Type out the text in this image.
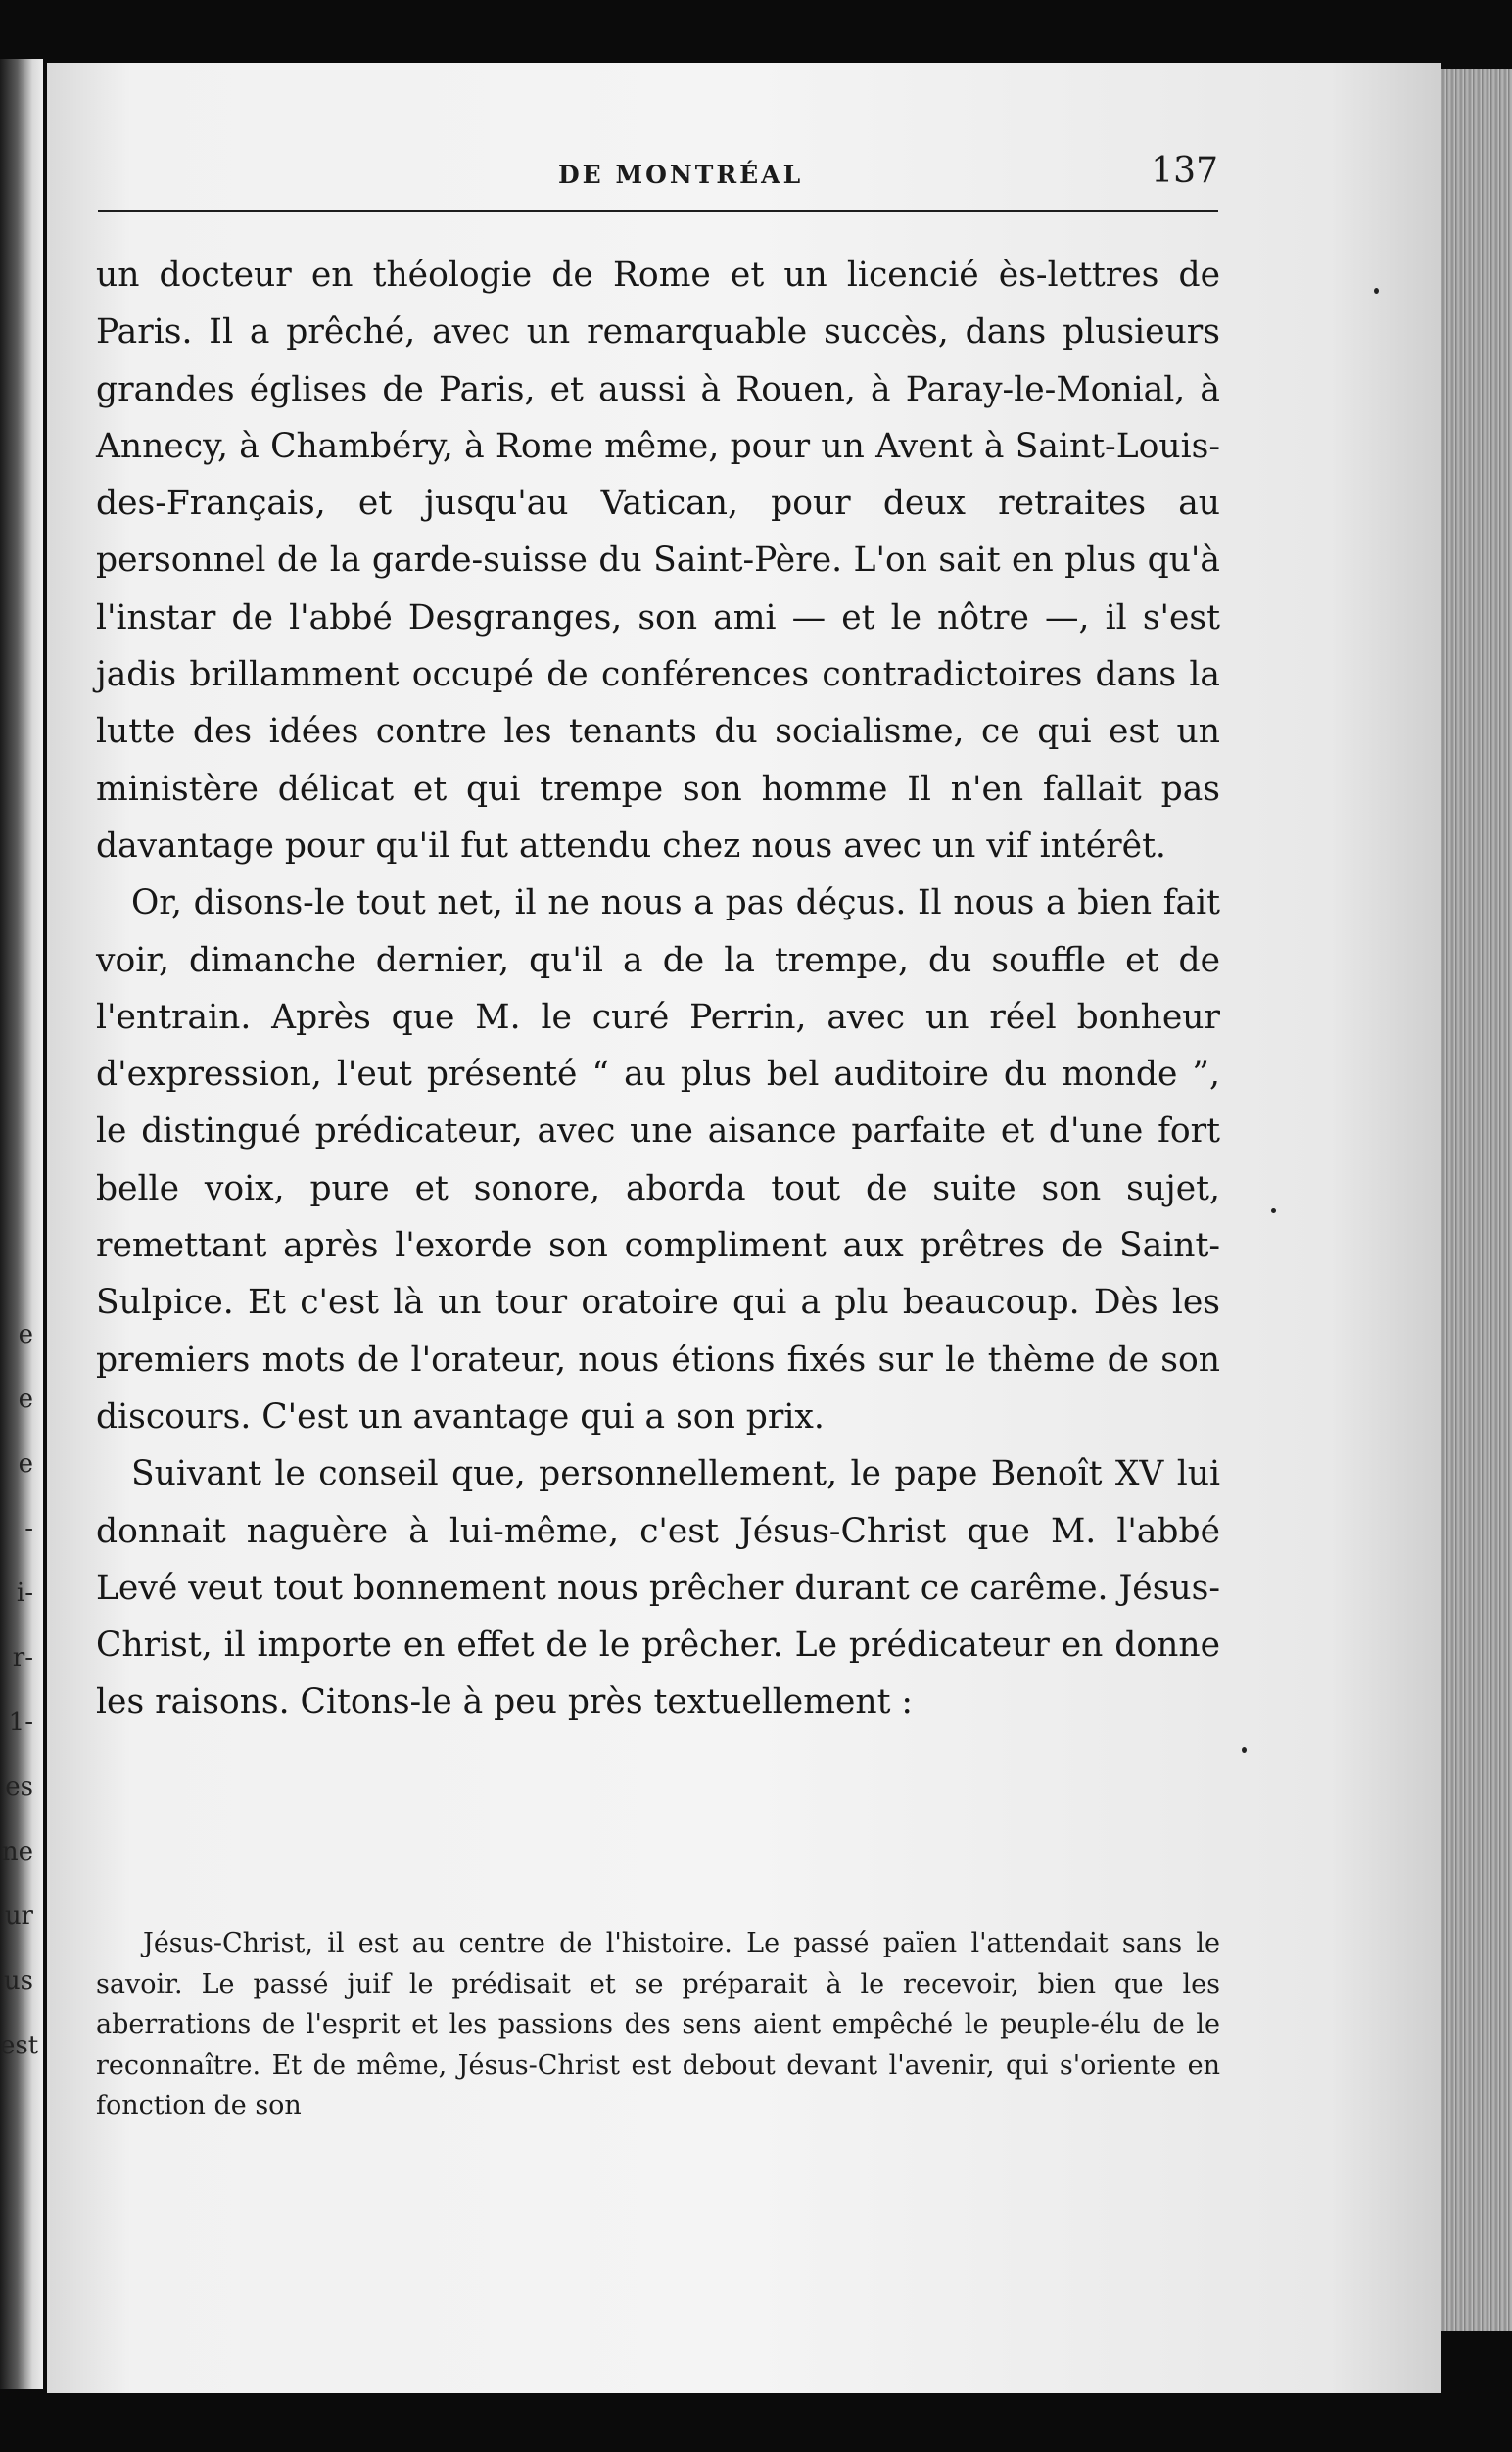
e
e
e
-
i-
r-
1-
es
ne
ur
us
est
DE MONTRÉAL	137

un docteur en théologie de Rome et un licencié ès-lettres de Paris. Il a prêché, avec un remarquable succès, dans plusieurs grandes églises de Paris, et aussi à Rouen, à Paray-le-Monial, à Annecy, à Chambéry, à Rome même, pour un Avent à Saint-Louis-des-Français, et jusqu'au Vatican, pour deux retraites au personnel de la garde-suisse du Saint-Père. L'on sait en plus qu'à l'instar de l'abbé Desgranges, son ami — et le nôtre —, il s'est jadis brillamment occupé de conférences contradictoires dans la lutte des idées contre les tenants du socialisme, ce qui est un ministère délicat et qui trempe son homme Il n'en fallait pas davantage pour qu'il fut attendu chez nous avec un vif intérêt.

Or, disons-le tout net, il ne nous a pas déçus. Il nous a bien fait voir, dimanche dernier, qu'il a de la trempe, du souffle et de l'entrain. Après que M. le curé Perrin, avec un réel bonheur d'expression, l'eut présenté “ au plus bel auditoire du monde ”, le distingué prédicateur, avec une aisance parfaite et d'une fort belle voix, pure et sonore, aborda tout de suite son sujet, remettant après l'exorde son compliment aux prêtres de Saint-Sulpice. Et c'est là un tour oratoire qui a plu beaucoup. Dès les premiers mots de l'orateur, nous étions fixés sur le thème de son discours. C'est un avantage qui a son prix.

Suivant le conseil que, personnellement, le pape Benoît XV lui donnait naguère à lui-même, c'est Jésus-Christ que M. l'abbé Levé veut tout bonnement nous prêcher durant ce carême. Jésus-Christ, il importe en effet de le prêcher. Le prédicateur en donne les raisons. Citons-le à peu près textuellement :

Jésus-Christ, il est au centre de l'histoire. Le passé païen l'attendait sans le savoir. Le passé juif le prédisait et se préparait à le recevoir, bien que les aberrations de l'esprit et les passions des sens aient empêché le peuple-élu de le reconnaître. Et de même, Jésus-Christ est debout devant l'avenir, qui s'oriente en fonction de son
